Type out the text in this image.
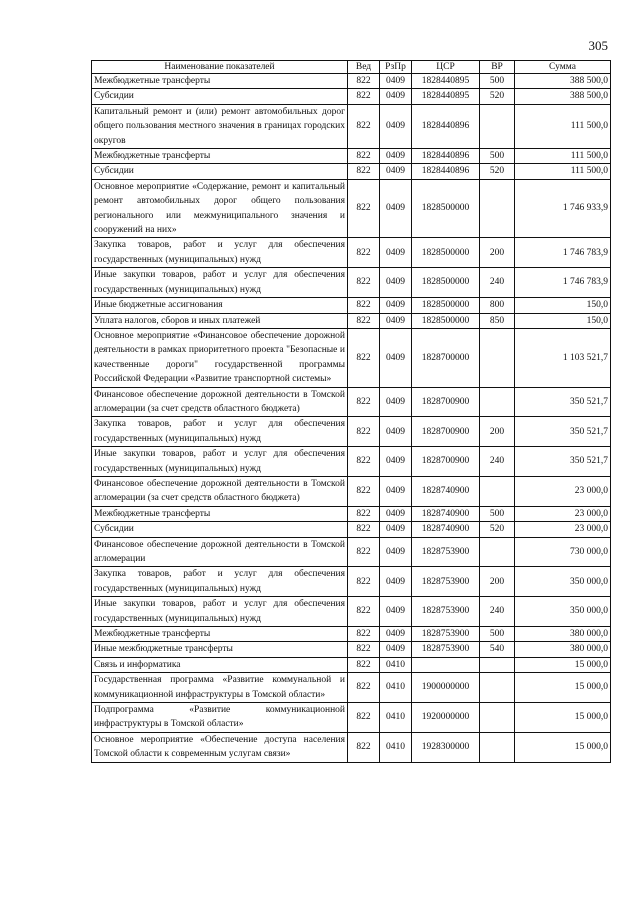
305
Наименование показателей	Вед	РзПр	ЦСР	ВР	Сумма
Межбюджетные трансферты	822	0409	1828440895	500	388 500,0
Субсидии	822	0409	1828440895	520	388 500,0
Капитальный ремонт и (или) ремонт автомобильных дорог общего пользования местного значения в границах городских округов	822	0409	1828440896		111 500,0
Межбюджетные трансферты	822	0409	1828440896	500	111 500,0
Субсидии	822	0409	1828440896	520	111 500,0
Основное мероприятие «Содержание, ремонт и капитальный ремонт автомобильных дорог общего пользования регионального или межмуниципального значения и сооружений на них»	822	0409	1828500000		1 746 933,9
Закупка товаров, работ и услуг для обеспечения государственных (муниципальных) нужд	822	0409	1828500000	200	1 746 783,9
Иные закупки товаров, работ и услуг для обеспечения государственных (муниципальных) нужд	822	0409	1828500000	240	1 746 783,9
Иные бюджетные ассигнования	822	0409	1828500000	800	150,0
Уплата налогов, сборов и иных платежей	822	0409	1828500000	850	150,0
Основное мероприятие «Финансовое обеспечение дорожной деятельности в рамках приоритетного проекта "Безопасные и качественные дороги" государственной программы Российской Федерации «Развитие транспортной системы»	822	0409	1828700000		1 103 521,7
Финансовое обеспечение дорожной деятельности в Томской агломерации (за счет средств областного бюджета)	822	0409	1828700900		350 521,7
Закупка товаров, работ и услуг для обеспечения государственных (муниципальных) нужд	822	0409	1828700900	200	350 521,7
Иные закупки товаров, работ и услуг для обеспечения государственных (муниципальных) нужд	822	0409	1828700900	240	350 521,7
Финансовое обеспечение дорожной деятельности в Томской агломерации (за счет средств областного бюджета)	822	0409	1828740900		23 000,0
Межбюджетные трансферты	822	0409	1828740900	500	23 000,0
Субсидии	822	0409	1828740900	520	23 000,0
Финансовое обеспечение дорожной деятельности в Томской агломерации	822	0409	1828753900		730 000,0
Закупка товаров, работ и услуг для обеспечения государственных (муниципальных) нужд	822	0409	1828753900	200	350 000,0
Иные закупки товаров, работ и услуг для обеспечения государственных (муниципальных) нужд	822	0409	1828753900	240	350 000,0
Межбюджетные трансферты	822	0409	1828753900	500	380 000,0
Иные межбюджетные трансферты	822	0409	1828753900	540	380 000,0
Связь и информатика	822	0410			15 000,0
Государственная программа «Развитие коммунальной и коммуникационной инфраструктуры в Томской области»	822	0410	1900000000		15 000,0
Подпрограмма «Развитие коммуникационной инфраструктуры в Томской области»	822	0410	1920000000		15 000,0
Основное мероприятие «Обеспечение доступа населения Томской области к современным услугам связи»	822	0410	1928300000		15 000,0
